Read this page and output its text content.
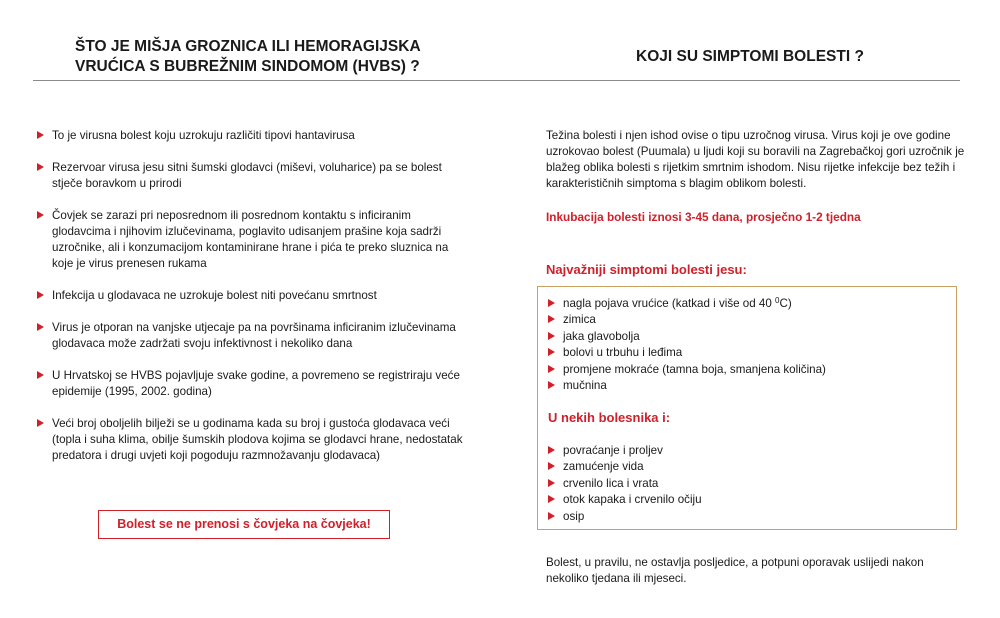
ŠTO JE MIŠJA GROZNICA ILI HEMORAGIJSKA
VRUĆICA S BUBREŽNIM SINDOMOM (HVBS) ?
To je virusna bolest koju uzrokuju različiti tipovi hantavirusa
Rezervoar virusa jesu sitni šumski glodavci (miševi, voluharice) pa se bolest stječe boravkom u prirodi
Čovjek se zarazi pri neposrednom ili posrednom kontaktu s inficiranim glodavcima i njihovim izlučevinama, poglavito udisanjem prašine koja sadrži uzročnike, ali i konzumacijom kontaminirane hrane i pića te preko sluznica na koje je virus prenesen rukama
Infekcija u glodavaca ne uzrokuje bolest niti povećanu smrtnost
Virus je otporan na vanjske utjecaje pa na površinama inficiranim izlučevinama glodavaca može zadržati svoju infektivnost i nekoliko dana
U Hrvatskoj se HVBS pojavljuje svake godine, a povremeno se registriraju veće epidemije (1995, 2002. godina)
Veći broj oboljelih bilježi se u godinama kada su broj i gustoća glodavaca veći (topla i suha klima, obilje šumskih plodova kojima se glodavci hrane, nedostatak predatora i drugi uvjeti koji pogoduju razmnožavanju glodavaca)
Bolest se ne prenosi s čovjeka na čovjeka!
KOJI SU SIMPTOMI BOLESTI ?
Težina bolesti i njen ishod ovise o tipu uzročnog virusa. Virus koji je ove godine uzrokovao bolest (Puumala) u ljudi koji su boravili na Zagrebačkoj gori uzročnik je blažeg oblika bolesti s rijetkim smrtnim ishodom. Nisu rijetke infekcije bez težih i karakterističnih simptoma s blagim oblikom bolesti.
Inkubacija bolesti iznosi 3-45 dana, prosječno 1-2 tjedna
Najvažniji simptomi bolesti jesu:
nagla pojava vrućice (katkad i više od 40 $^0$C)
zimica
jaka glavobolja
bolovi u trbuhu i leđima
promjene mokraće (tamna boja, smanjena količina)
mučnina
U nekih bolesnika i:
povraćanje i proljev
zamućenje vida
crvenilo lica i vrata
otok kapaka i crvenilo očiju
osip
Bolest, u pravilu, ne ostavlja posljedice, a potpuni oporavak uslijedi nakon nekoliko tjedana ili mjeseci.
